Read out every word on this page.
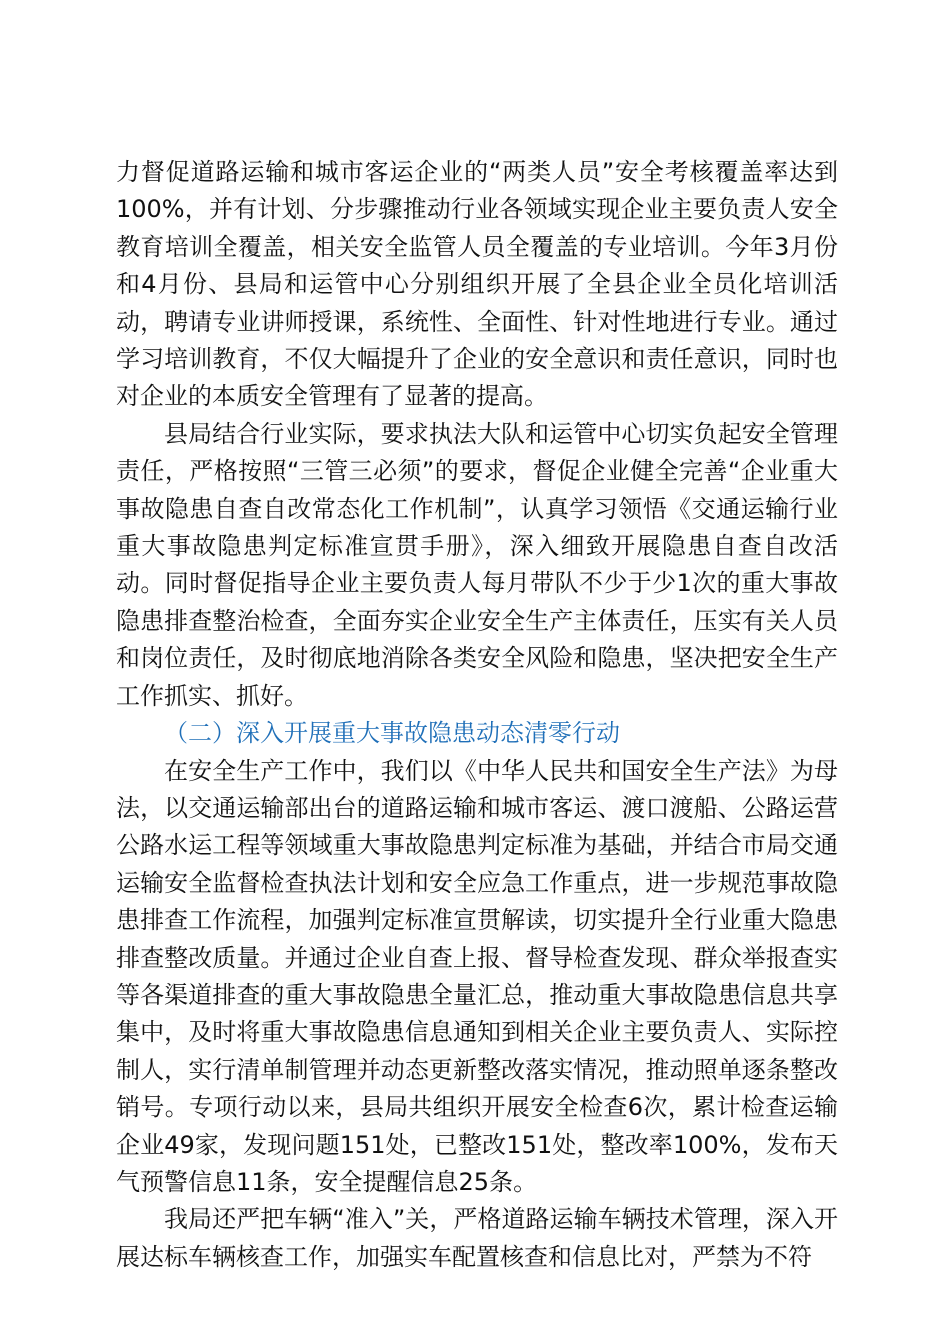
力督促道路运输和城市客运企业的“两类人员”安全考核覆盖率达到100%，并有计划、分步骤推动行业各领域实现企业主要负责人安全教育培训全覆盖，相关安全监管人员全覆盖的专业培训。今年3月份和4月份、县局和运管中心分别组织开展了全县企业全员化培训活动，聘请专业讲师授课，系统性、全面性、针对性地进行专业。通过学习培训教育，不仅大幅提升了企业的安全意识和责任意识，同时也对企业的本质安全管理有了显著的提高。

县局结合行业实际，要求执法大队和运管中心切实负起安全管理责任，严格按照“三管三必须”的要求，督促企业健全完善“企业重大事故隐患自查自改常态化工作机制”，认真学习领悟《交通运输行业重大事故隐患判定标准宣贯手册》，深入细致开展隐患自查自改活动。同时督促指导企业主要负责人每月带队不少于少1次的重大事故隐患排查整治检查，全面夯实企业安全生产主体责任，压实有关人员和岗位责任，及时彻底地消除各类安全风险和隐患，坚决把安全生产工作抓实、抓好。

（二）深入开展重大事故隐患动态清零行动

在安全生产工作中，我们以《中华人民共和国安全生产法》为母法，以交通运输部出台的道路运输和城市客运、渡口渡船、公路运营公路水运工程等领域重大事故隐患判定标准为基础，并结合市局交通运输安全监督检查执法计划和安全应急工作重点，进一步规范事故隐患排查工作流程，加强判定标准宣贯解读，切实提升全行业重大隐患排查整改质量。并通过企业自查上报、督导检查发现、群众举报查实等各渠道排查的重大事故隐患全量汇总，推动重大事故隐患信息共享集中，及时将重大事故隐患信息通知到相关企业主要负责人、实际控制人，实行清单制管理并动态更新整改落实情况，推动照单逐条整改销号。专项行动以来，县局共组织开展安全检查6次，累计检查运输企业49家，发现问题151处，已整改151处，整改率100%，发布天气预警信息11条，安全提醒信息25条。

我局还严把车辆“准入”关，严格道路运输车辆技术管理，深入开展达标车辆核查工作，加强实车配置核查和信息比对，严禁为不符
